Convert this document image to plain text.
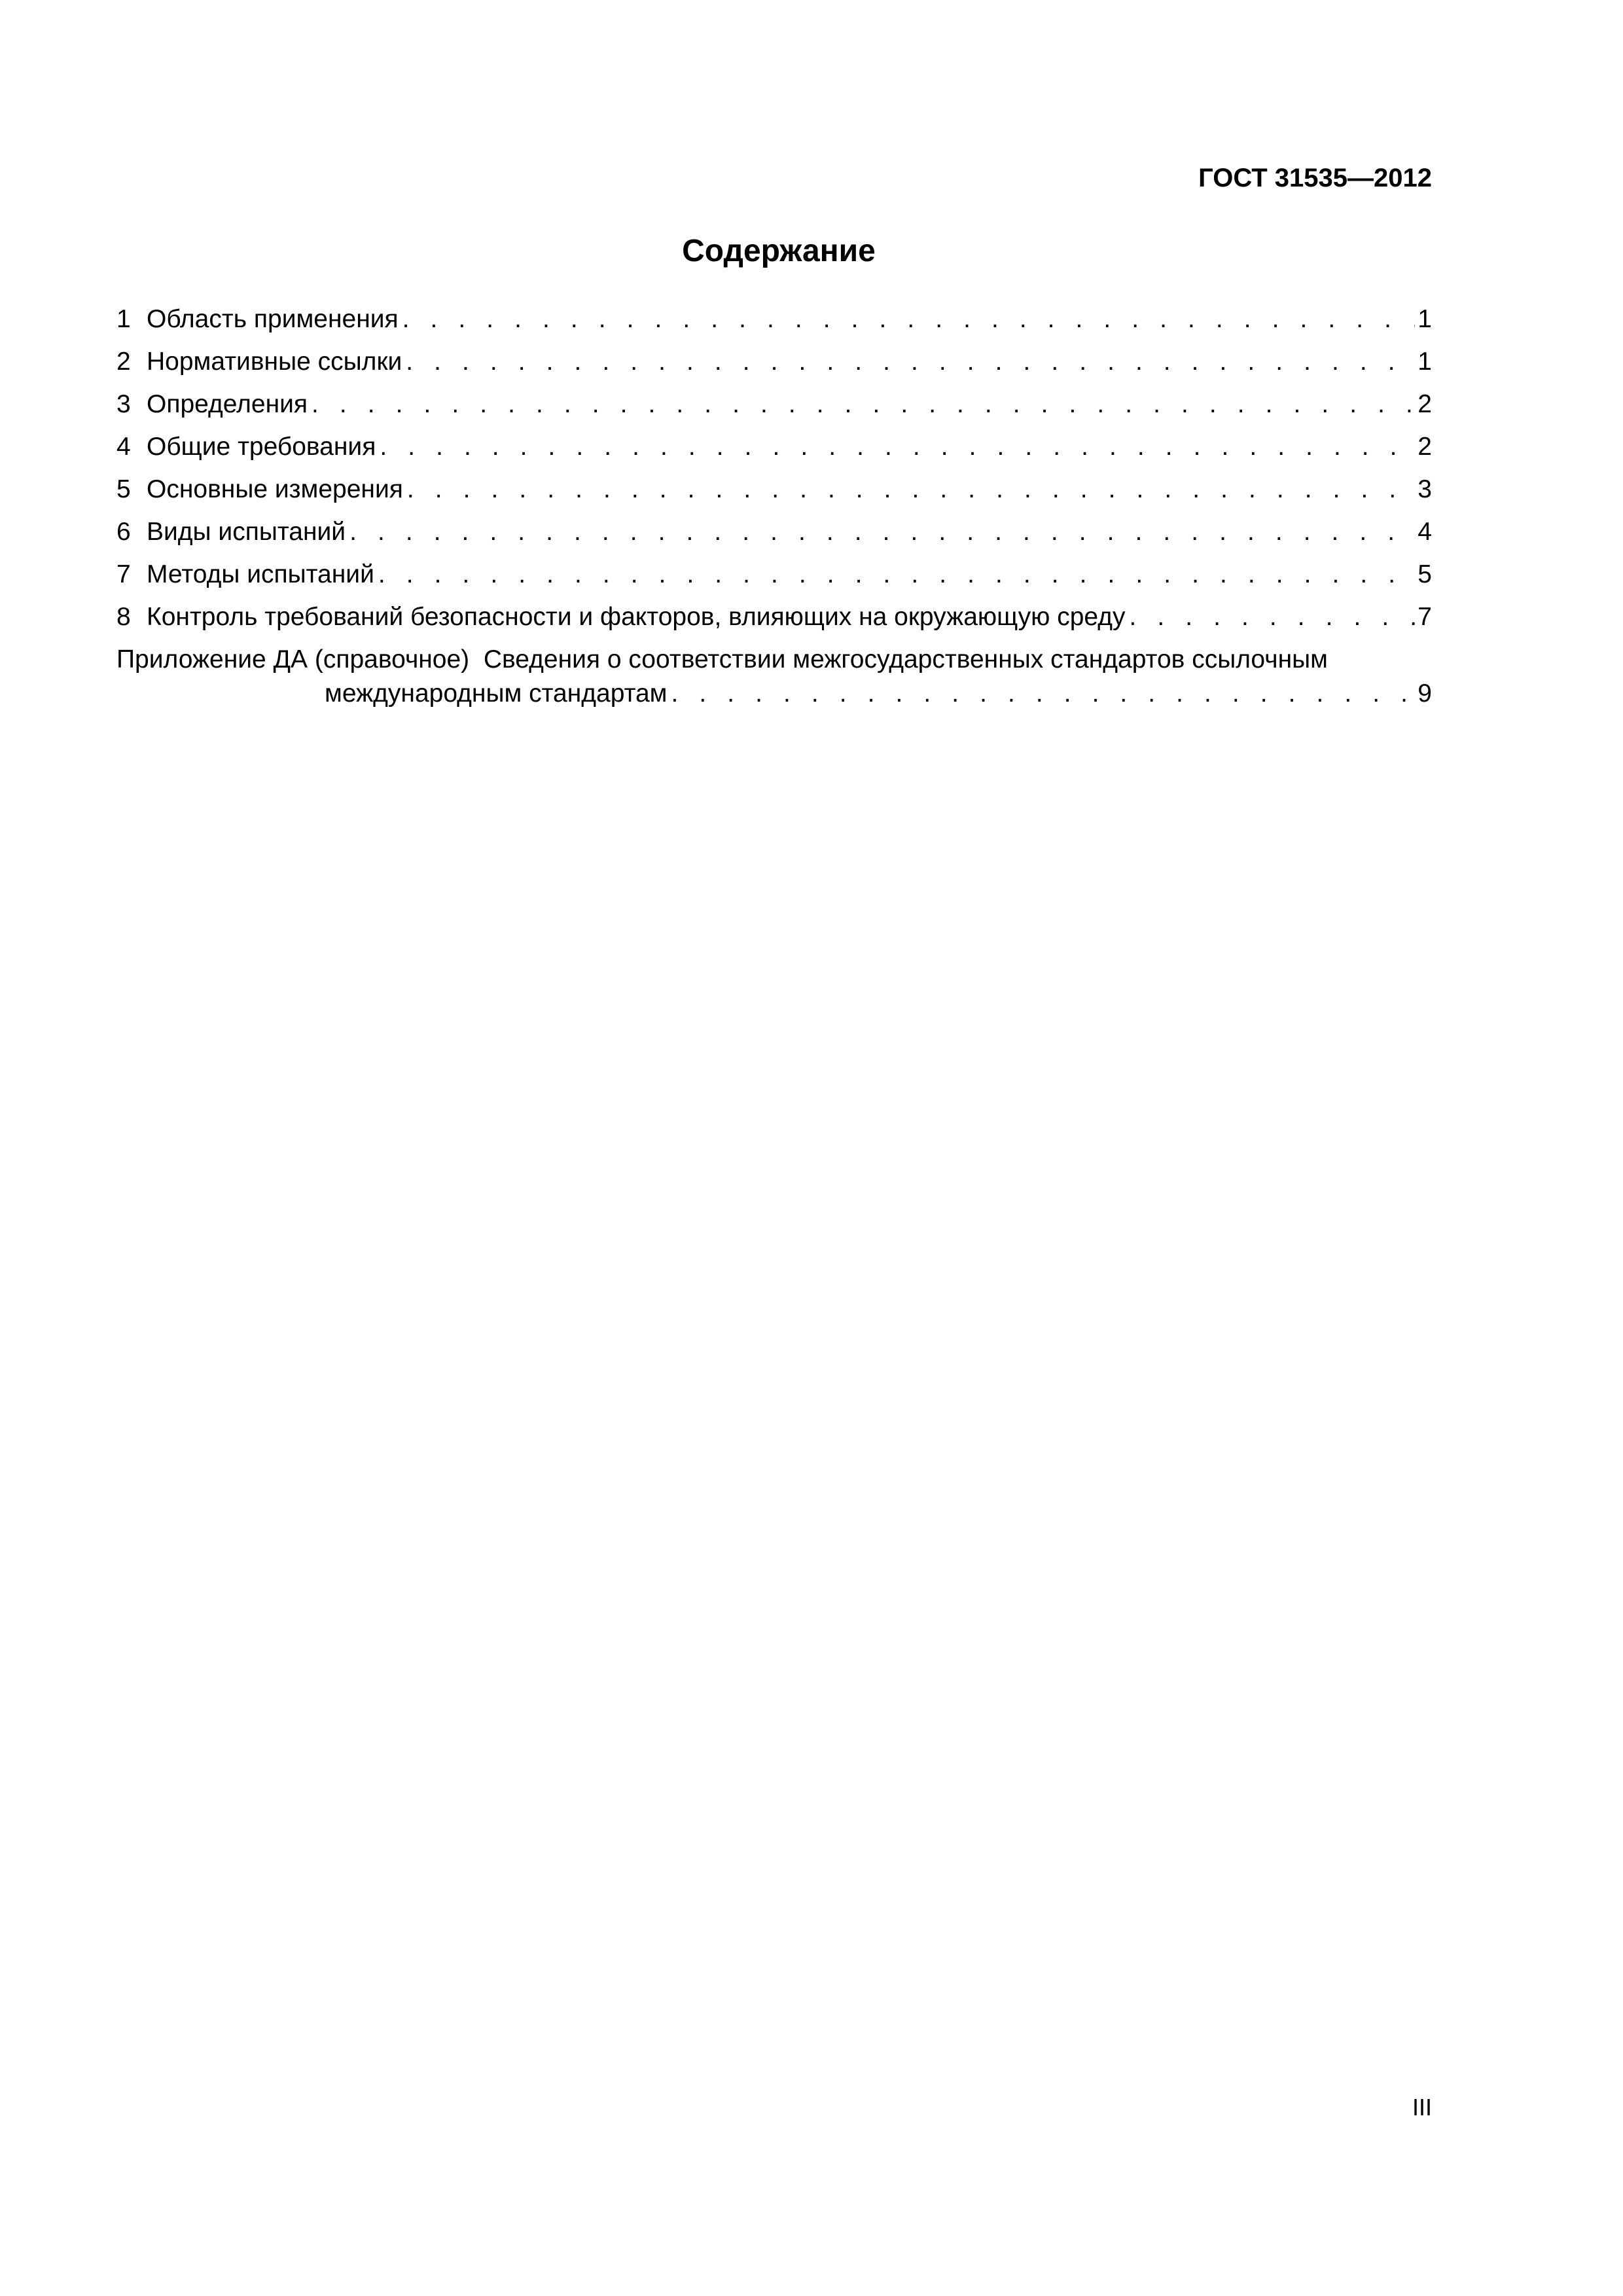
ГОСТ 31535—2012
Содержание
1 Область применения . . .	1
2 Нормативные ссылки . . .	1
3 Определения . . .	2
4 Общие требования . . .	2
5 Основные измерения . . .	3
6 Виды испытаний . . .	4
7 Методы испытаний . . .	5
8 Контроль требований безопасности и факторов, влияющих на окружающую среду . . .	7
Приложение ДА (справочное) Сведения о соответствии межгосударственных стандартов ссылочным
международным стандартам . . .	9
III
